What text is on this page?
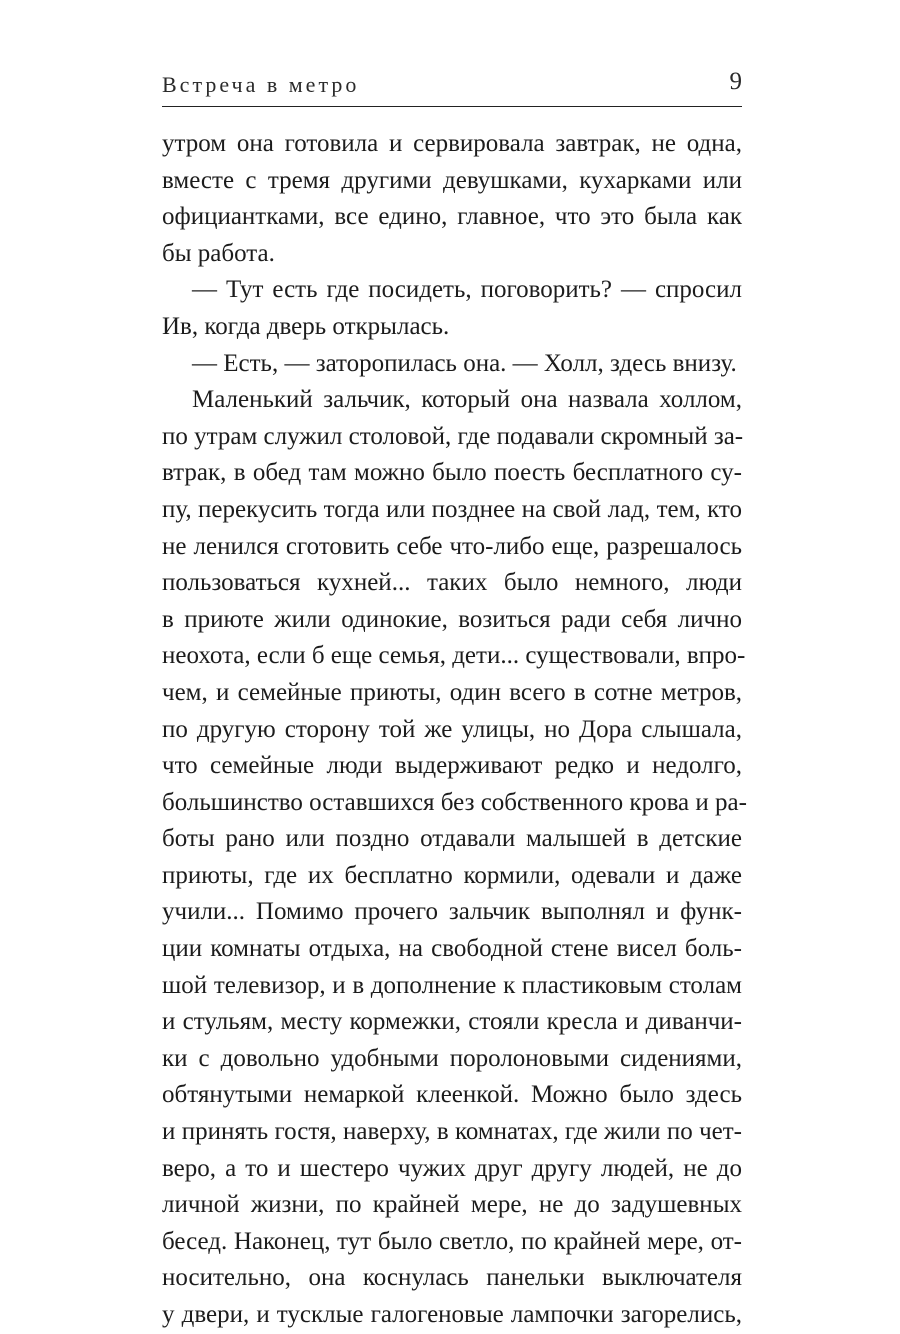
Встреча в метро	9
утром она готовила и сервировала завтрак, не одна,
вместе с тремя другими девушками, кухарками или
официантками, все едино, главное, что это была как
бы работа.
— Тут есть где посидеть, поговорить? — спросил
Ив, когда дверь открылась.
— Есть, — заторопилась она. — Холл, здесь внизу.
Маленький зальчик, который она назвала холлом,
по утрам служил столовой, где подавали скромный за-
втрак, в обед там можно было поесть бесплатного су-
пу, перекусить тогда или позднее на свой лад, тем, кто
не ленился сготовить себе что-либо еще, разрешалось
пользоваться кухней... таких было немного, люди
в приюте жили одинокие, возиться ради себя лично
неохота, если б еще семья, дети... существовали, впро-
чем, и семейные приюты, один всего в сотне метров,
по другую сторону той же улицы, но Дора слышала,
что семейные люди выдерживают редко и недолго,
большинство оставшихся без собственного крова и ра-
боты рано или поздно отдавали малышей в детские
приюты, где их бесплатно кормили, одевали и даже
учили... Помимо прочего зальчик выполнял и функ-
ции комнаты отдыха, на свободной стене висел боль-
шой телевизор, и в дополнение к пластиковым столам
и стульям, месту кормежки, стояли кресла и диванчи-
ки с довольно удобными поролоновыми сидениями,
обтянутыми немаркой клеенкой. Можно было здесь
и принять гостя, наверху, в комнатах, где жили по чет-
веро, а то и шестеро чужих друг другу людей, не до
личной жизни, по крайней мере, не до задушевных
бесед. Наконец, тут было светло, по крайней мере, от-
носительно, она коснулась панельки выключателя
у двери, и тусклые галогеновые лампочки загорелись,
